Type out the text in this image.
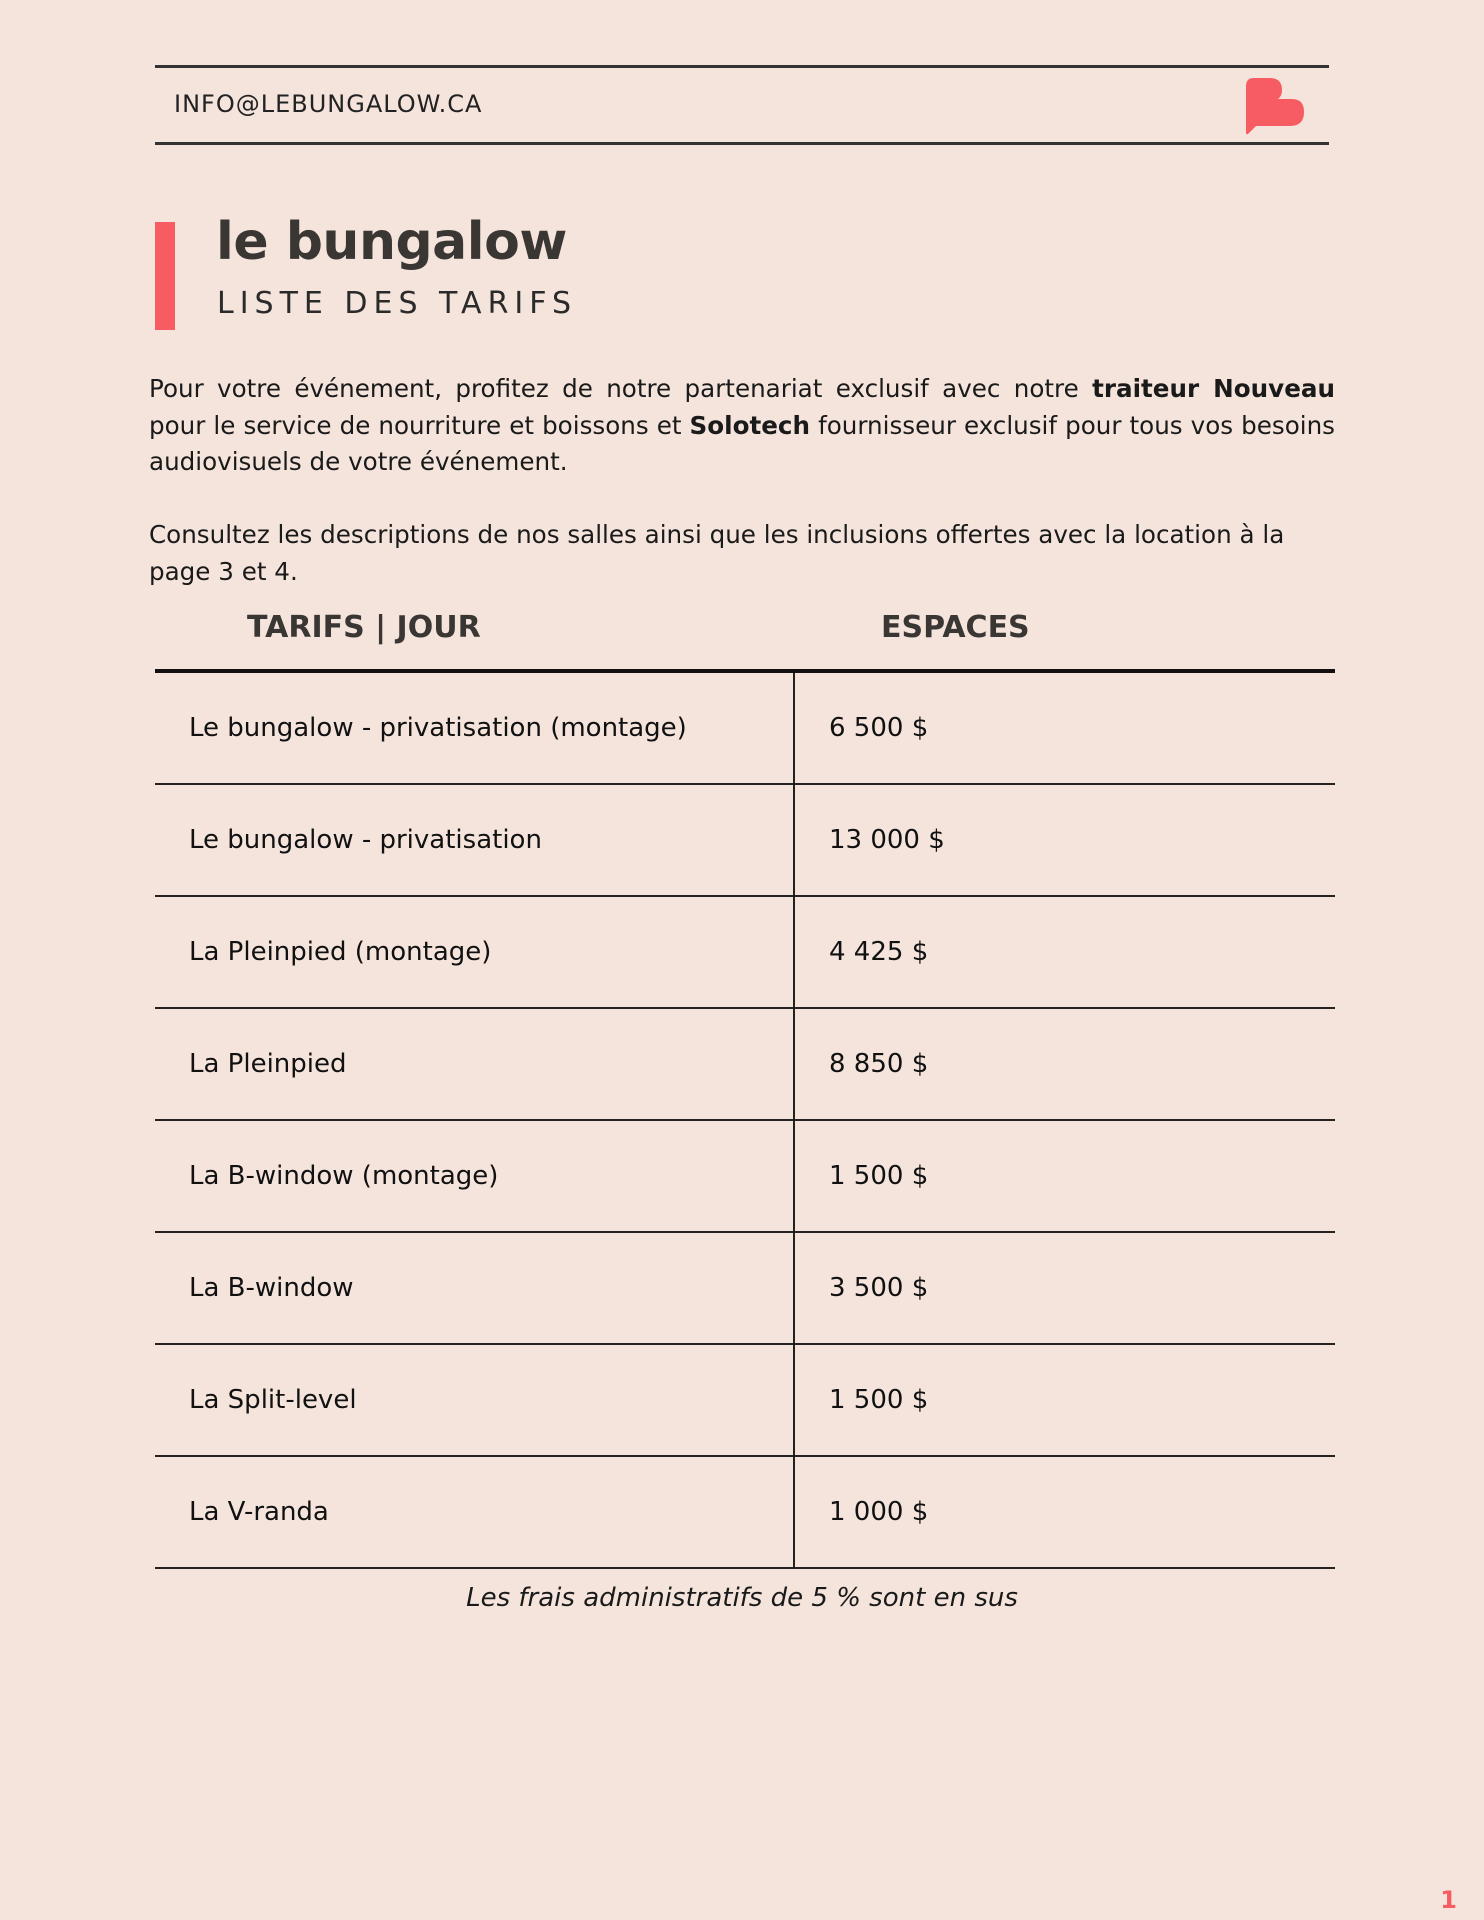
INFO@LEBUNGALOW.CA
le bungalow
LISTE DES TARIFS
Pour votre événement, profitez de notre partenariat exclusif avec notre traiteur Nouveau pour le service de nourriture et boissons et Solotech fournisseur exclusif pour tous vos besoins audiovisuels de votre événement.
Consultez les descriptions de nos salles ainsi que les inclusions offertes avec la location à la page 3 et 4.
TARIFS | JOUR	ESPACES
Le bungalow - privatisation (montage)	6 500 $
Le bungalow - privatisation	13 000 $
La Pleinpied (montage)	4 425 $
La Pleinpied	8 850 $
La B-window (montage)	1 500 $
La B-window	3 500 $
La Split-level	1 500 $
La V-randa	1 000 $
Les frais administratifs de 5 % sont en sus
1
